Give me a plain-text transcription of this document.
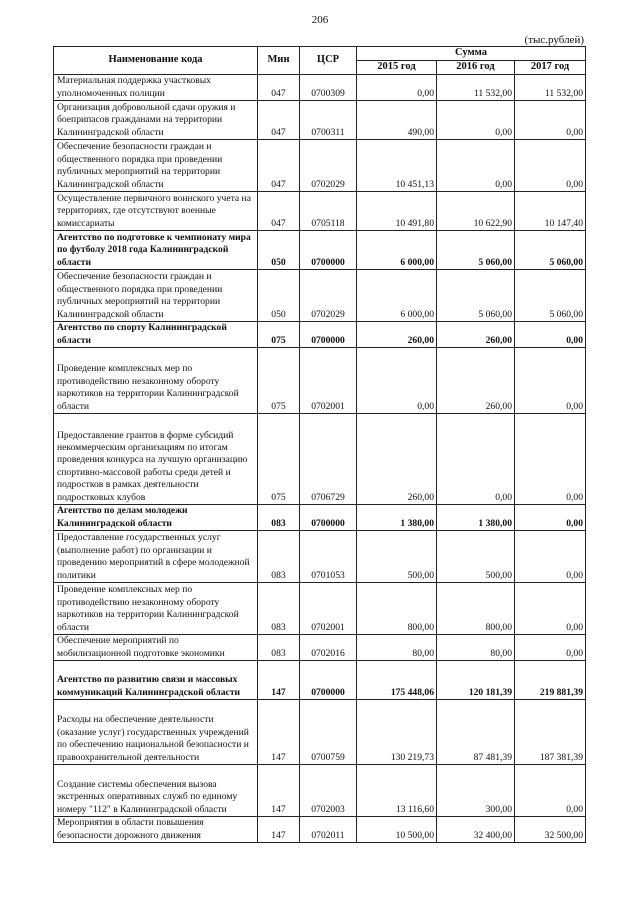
206
(тыс.рублей)
Наименование кода	Мин	ЦСР	Сумма		
			2015 год	2016 год	2017 год
Материальная поддержка участковых уполномоченных полиции	047	0700309	0,00	11 532,00	11 532,00
Организация добровольной сдачи оружия и боеприпасов гражданами на территории Калининградской области	047	0700311	490,00	0,00	0,00
Обеспечение безопасности граждан и общественного порядка при проведении публичных мероприятий на территории Калининградской области	047	0702029	10 451,13	0,00	0,00
Осуществление первичного воинского учета на территориях, где отсутствуют военные комиссариаты	047	0705118	10 491,80	10 622,90	10 147,40
Агентство по подготовке к чемпионату мира по футболу 2018 года Калининградской области	050	0700000	6 000,00	5 060,00	5 060,00
Обеспечение безопасности граждан и общественного порядка при проведении публичных мероприятий на территории Калининградской области	050	0702029	6 000,00	5 060,00	5 060,00
Агентство по спорту Калининградской области	075	0700000	260,00	260,00	0,00
Проведение комплексных мер по противодействию незаконному обороту наркотиков на территории Калининградской области	075	0702001	0,00	260,00	0,00
Предоставление грантов в форме субсидий некоммерческим организациям по итогам проведения конкурса на лучшую организацию спортивно-массовой работы среди детей и подростков в рамках деятельности подростковых клубов	075	0706729	260,00	0,00	0,00
Агентство по делам молодежи Калининградской области	083	0700000	1 380,00	1 380,00	0,00
Предоставление государственных услуг (выполнение работ) по организации и проведению мероприятий в сфере молодежной политики	083	0701053	500,00	500,00	0,00
Проведение комплексных мер по противодействию незаконному обороту наркотиков на территории Калининградской области	083	0702001	800,00	800,00	0,00
Обеспечение мероприятий по мобилизационной подготовке экономики	083	0702016	80,00	80,00	0,00
Агентство по развитию связи и массовых коммуникаций Калининградской области	147	0700000	175 448,06	120 181,39	219 881,39
Расходы на обеспечение деятельности (оказание услуг) государственных учреждений по обеспечению национальной безопасности и правоохранительной деятельности	147	0700759	130 219,73	87 481,39	187 381,39
Создание системы обеспечения вызова экстренных оперативных служб по единому номеру "112" в Калининградской области	147	0702003	13 116,60	300,00	0,00
Мероприятия в области повышения безопасности дорожного движения	147	0702011	10 500,00	32 400,00	32 500,00
